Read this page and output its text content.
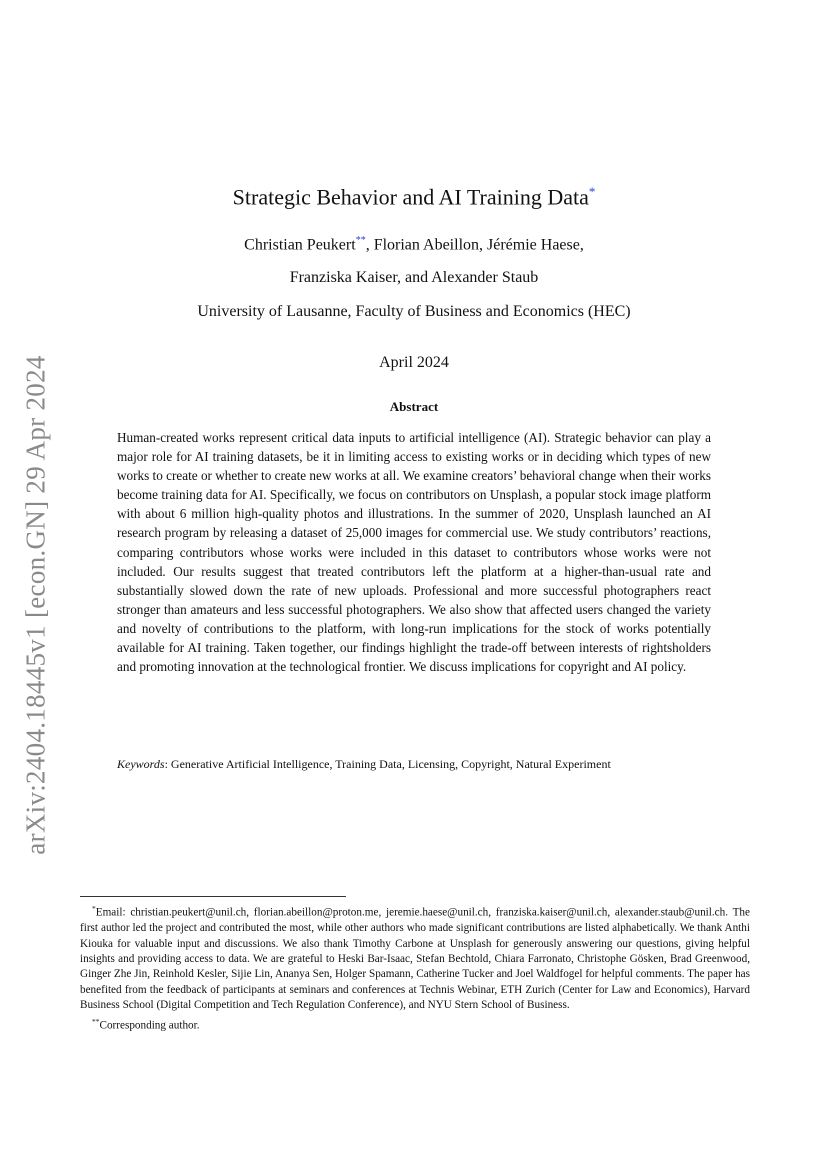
arXiv:2404.18445v1 [econ.GN] 29 Apr 2024
Strategic Behavior and AI Training Data*
Christian Peukert**, Florian Abeillon, Jérémie Haese,
Franziska Kaiser, and Alexander Staub
University of Lausanne, Faculty of Business and Economics (HEC)
April 2024
Abstract
Human-created works represent critical data inputs to artificial intelligence (AI). Strategic behavior can play a major role for AI training datasets, be it in limiting access to existing works or in deciding which types of new works to create or whether to create new works at all. We examine creators’ behavioral change when their works become training data for AI. Specifically, we focus on contributors on Unsplash, a popular stock image platform with about 6 million high-quality photos and illustrations. In the summer of 2020, Unsplash launched an AI research program by releasing a dataset of 25,000 images for commercial use. We study contributors’ reactions, comparing contributors whose works were included in this dataset to contributors whose works were not included. Our results suggest that treated contributors left the platform at a higher-than-usual rate and substantially slowed down the rate of new uploads. Professional and more successful photographers react stronger than amateurs and less successful photographers. We also show that affected users changed the variety and novelty of contributions to the platform, with long-run implications for the stock of works potentially available for AI training. Taken together, our findings highlight the trade-off between interests of rightsholders and promoting innovation at the technological frontier. We discuss implications for copyright and AI policy.
Keywords: Generative Artificial Intelligence, Training Data, Licensing, Copyright, Natural Experiment

*Email: christian.peukert@unil.ch, florian.abeillon@proton.me, jeremie.haese@unil.ch, franziska.kaiser@unil.ch, alexander.staub@unil.ch. The first author led the project and contributed the most, while other authors who made significant contributions are listed alphabetically. We thank Anthi Kiouka for valuable input and discussions. We also thank Timothy Carbone at Unsplash for generously answering our questions, giving helpful insights and providing access to data. We are grateful to Heski Bar-Isaac, Stefan Bechtold, Chiara Farronato, Christophe Gösken, Brad Greenwood, Ginger Zhe Jin, Reinhold Kesler, Sijie Lin, Ananya Sen, Holger Spamann, Catherine Tucker and Joel Waldfogel for helpful comments. The paper has benefited from the feedback of participants at seminars and conferences at Technis Webinar, ETH Zurich (Center for Law and Economics), Harvard Business School (Digital Competition and Tech Regulation Conference), and NYU Stern School of Business.

**Corresponding author.
